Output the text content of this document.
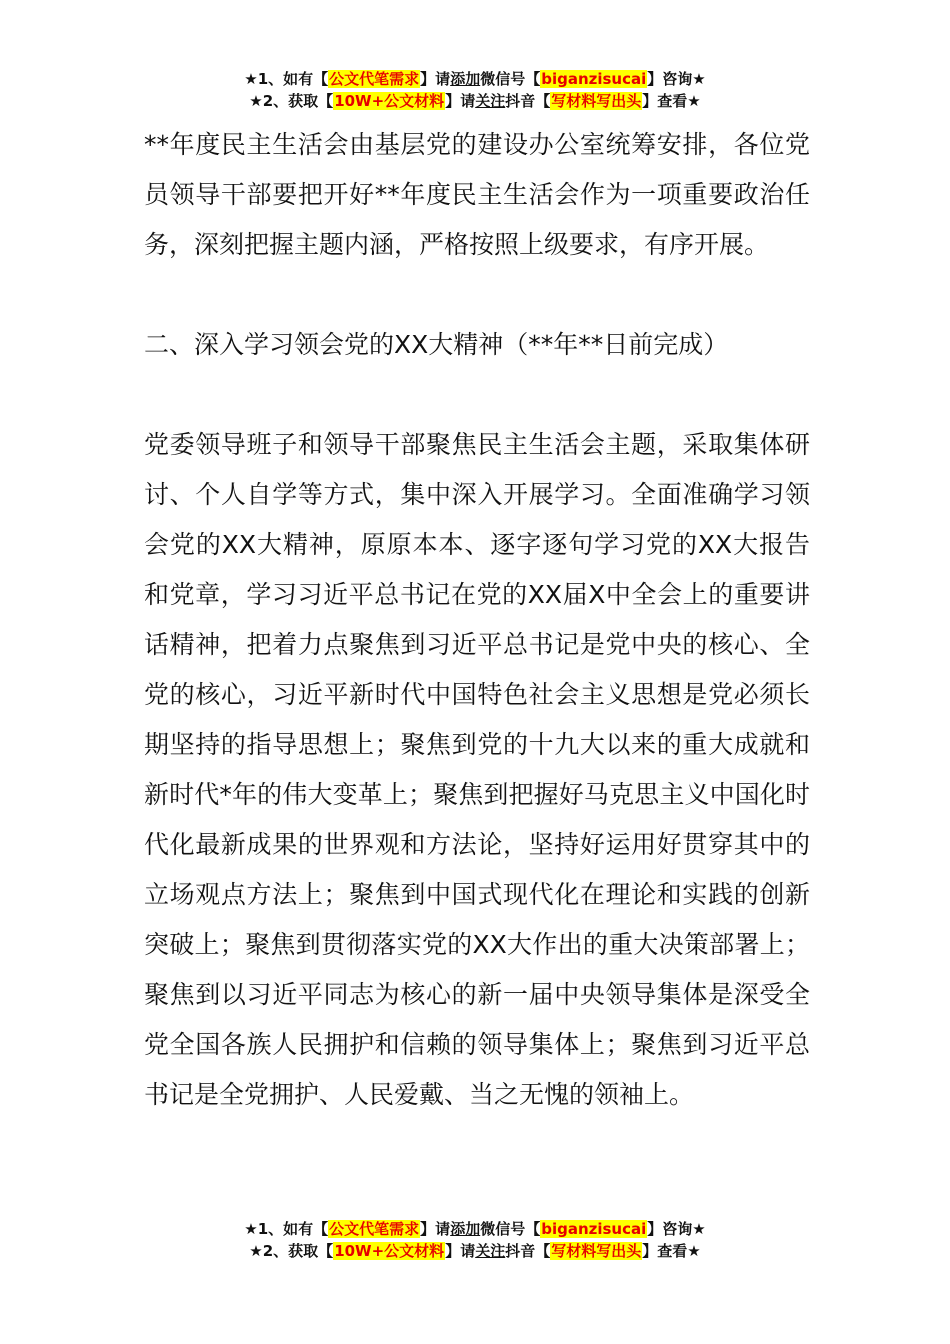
★1、如有【公文代笔需求】请添加微信号【biganzisucai】咨询★
★2、获取【10W+公文材料】请关注抖音【写材料写出头】查看★

**年度民主生活会由基层党的建设办公室统筹安排，各位党员领导干部要把开好**年度民主生活会作为一项重要政治任务，深刻把握主题内涵，严格按照上级要求，有序开展。

二、深入学习领会党的XX大精神（**年**日前完成）

党委领导班子和领导干部聚焦民主生活会主题，采取集体研讨、个人自学等方式，集中深入开展学习。全面准确学习领会党的XX大精神，原原本本、逐字逐句学习党的XX大报告和党章，学习习近平总书记在党的XX届X中全会上的重要讲话精神，把着力点聚焦到习近平总书记是党中央的核心、全党的核心，习近平新时代中国特色社会主义思想是党必须长期坚持的指导思想上；聚焦到党的十九大以来的重大成就和新时代*年的伟大变革上；聚焦到把握好马克思主义中国化时代化最新成果的世界观和方法论，坚持好运用好贯穿其中的立场观点方法上；聚焦到中国式现代化在理论和实践的创新突破上；聚焦到贯彻落实党的XX大作出的重大决策部署上；聚焦到以习近平同志为核心的新一届中央领导集体是深受全党全国各族人民拥护和信赖的领导集体上；聚焦到习近平总书记是全党拥护、人民爱戴、当之无愧的领袖上。

★1、如有【公文代笔需求】请添加微信号【biganzisucai】咨询★
★2、获取【10W+公文材料】请关注抖音【写材料写出头】查看★
